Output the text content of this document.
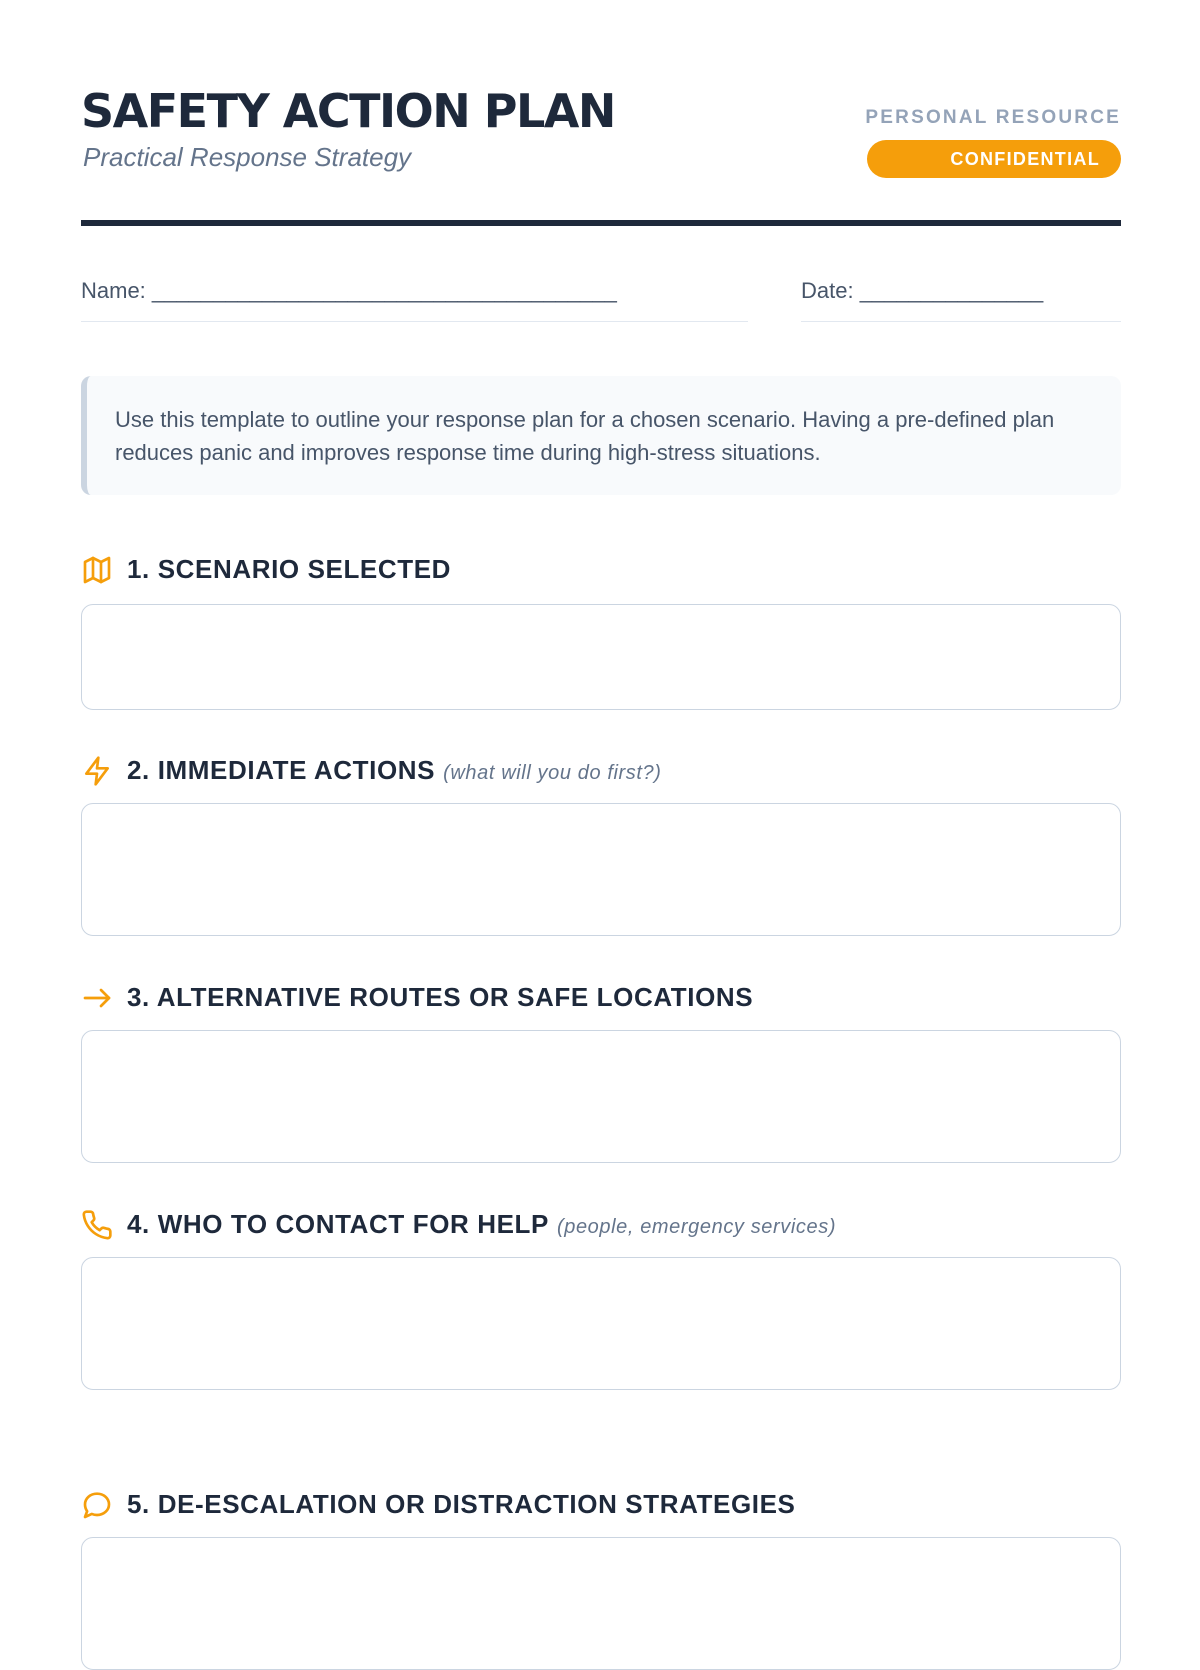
SAFETY ACTION PLAN
Practical Response Strategy
PERSONAL RESOURCE
CONFIDENTIAL
Name: ______________________________________	Date: _______________
Use this template to outline your response plan for a chosen scenario. Having a pre-defined plan reduces panic and improves response time during high-stress situations.
1. SCENARIO SELECTED
2. IMMEDIATE ACTIONS (what will you do first?)
3. ALTERNATIVE ROUTES OR SAFE LOCATIONS
4. WHO TO CONTACT FOR HELP (people, emergency services)
5. DE-ESCALATION OR DISTRACTION STRATEGIES
